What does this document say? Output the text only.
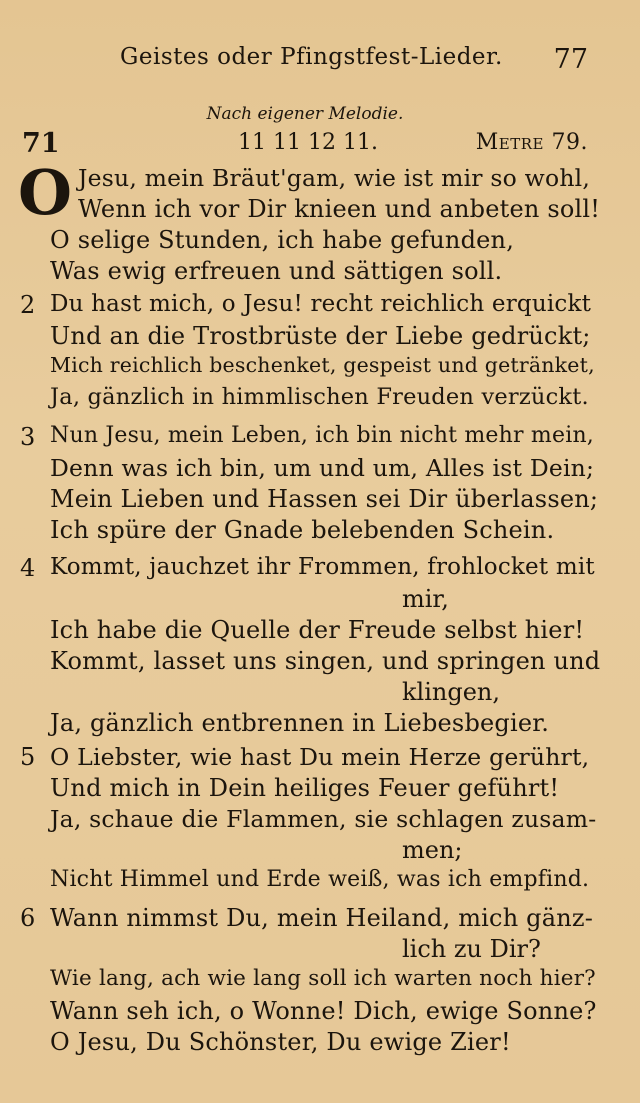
Geistes oder Pfingstfest-Lieder. 77
Nach eigener Melodie.
71	11 11 12 11.	Metre 79.
O Jesu, mein Bräut'gam, wie ist mir so wohl,
Wenn ich vor Dir knieen und anbeten soll!
O selige Stunden, ich habe gefunden,
Was ewig erfreuen und sättigen soll.
2 Du hast mich, o Jesu! recht reichlich erquickt
Und an die Trostbrüste der Liebe gedrückt;
Mich reichlich beschenket, gespeist und getränket,
Ja, gänzlich in himmlischen Freuden verzückt.
3 Nun Jesu, mein Leben, ich bin nicht mehr mein,
Denn was ich bin, um und um, Alles ist Dein;
Mein Lieben und Hassen sei Dir überlassen;
Ich spüre der Gnade belebenden Schein.
4 Kommt, jauchzet ihr Frommen, frohlocket mit
mir,
Ich habe die Quelle der Freude selbst hier!
Kommt, lasset uns singen, und springen und
klingen,
Ja, gänzlich entbrennen in Liebesbegier.
5 O Liebster, wie hast Du mein Herze gerührt,
Und mich in Dein heiliges Feuer geführt!
Ja, schaue die Flammen, sie schlagen zusam-
men;
Nicht Himmel und Erde weiß, was ich empfind.
6 Wann nimmst Du, mein Heiland, mich gänz-
lich zu Dir?
Wie lang, ach wie lang soll ich warten noch hier?
Wann seh ich, o Wonne! Dich, ewige Sonne?
O Jesu, Du Schönster, Du ewige Zier!
